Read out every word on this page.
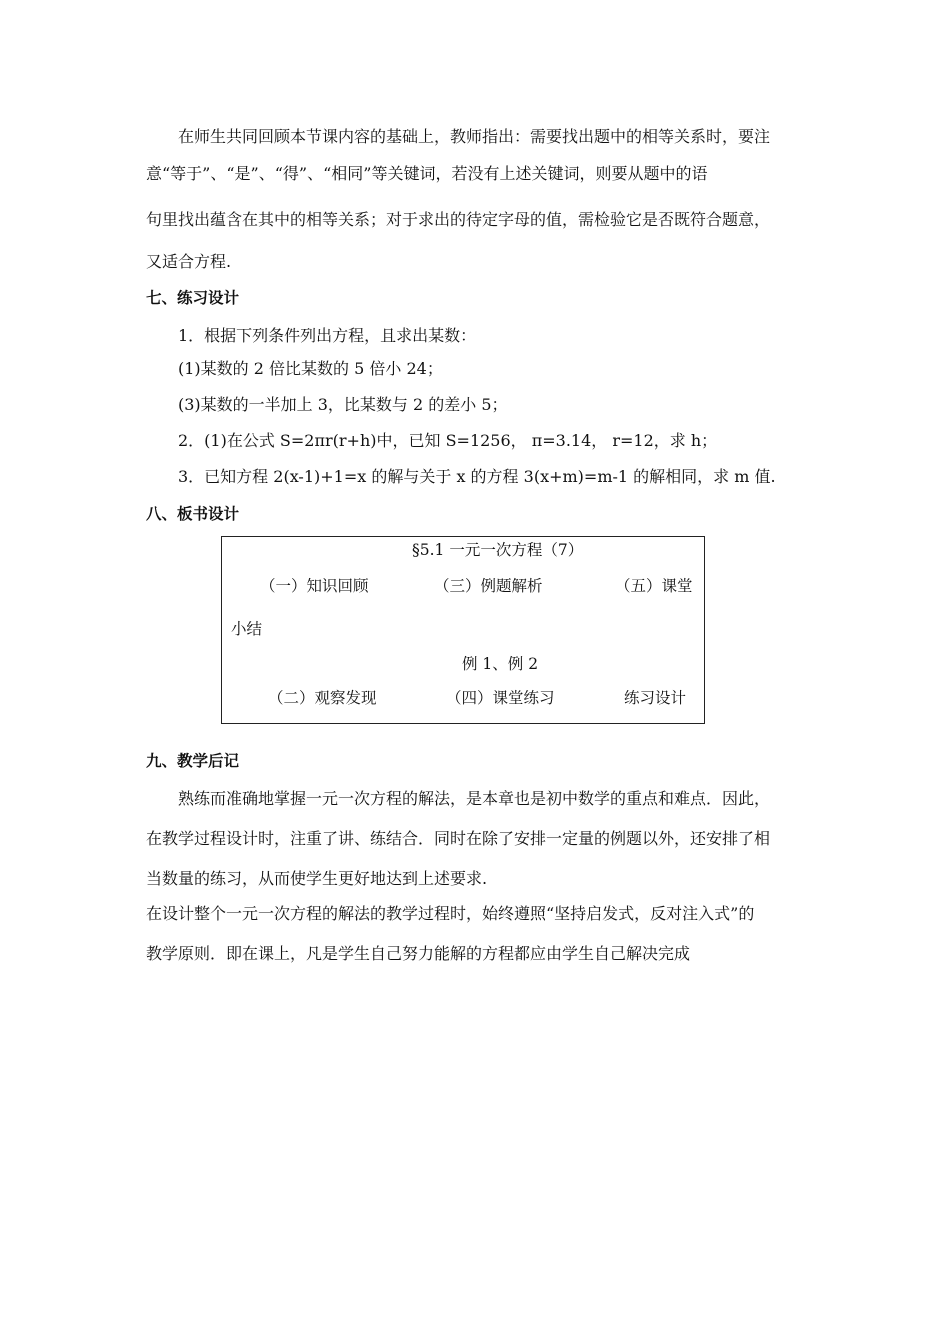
在师生共同回顾本节课内容的基础上，教师指出：需要找出题中的相等关系时，要注
意“等于”、“是”、“得”、“相同”等关键词，若没有上述关键词，则要从题中的语
句里找出蕴含在其中的相等关系；对于求出的待定字母的值，需检验它是否既符合题意，
又适合方程.
七、练习设计
1．根据下列条件列出方程，且求出某数：
(1)某数的 2 倍比某数的 5 倍小 24；
(3)某数的一半加上 3，比某数与 2 的差小 5；
2．(1)在公式 S=2πr(r+h)中，已知 S=1256， π=3.14， r=12，求 h；
3．已知方程 2(x-1)+1=x 的解与关于 x 的方程 3(x+m)=m-1 的解相同，求 m 值.
八、板书设计
§5.1 一元一次方程（7）
（一）知识回顾	（三）例题解析	（五）课堂
小结
例 1、例 2
（二）观察发现	（四）课堂练习	练习设计
九、教学后记
熟练而准确地掌握一元一次方程的解法，是本章也是初中数学的重点和难点．因此，
在教学过程设计时，注重了讲、练结合．同时在除了安排一定量的例题以外，还安排了相
当数量的练习，从而使学生更好地达到上述要求.
在设计整个一元一次方程的解法的教学过程时，始终遵照“坚持启发式，反对注入式”的
教学原则．即在课上，凡是学生自己努力能解的方程都应由学生自己解决完成
